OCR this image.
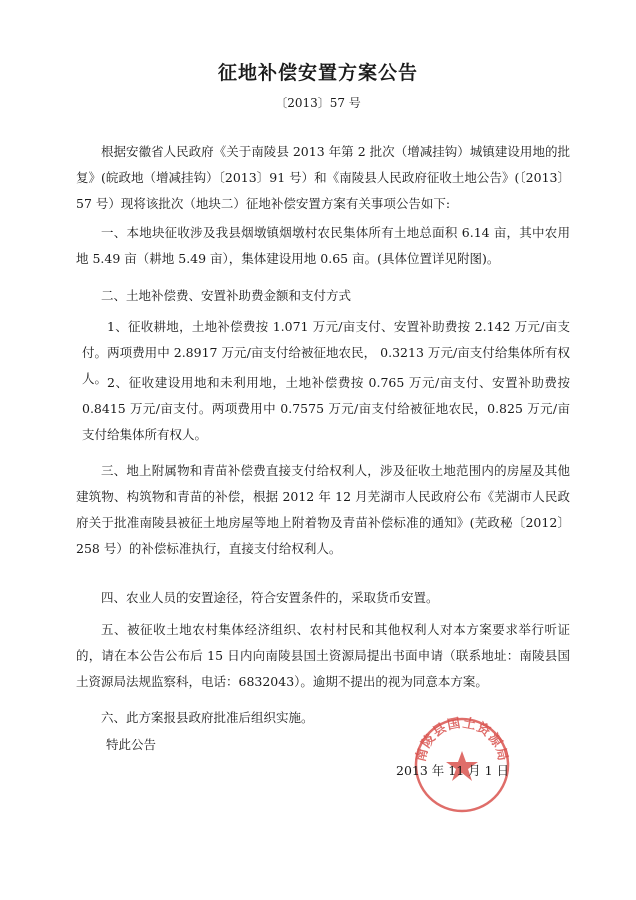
征地补偿安置方案公告
〔2013〕57 号

根据安徽省人民政府《关于南陵县 2013 年第 2 批次（增减挂钩）城镇建设用地的批复》(皖政地（增减挂钩）〔2013〕91 号）和《南陵县人民政府征收土地公告》(〔2013〕57 号）现将该批次（地块二）征地补偿安置方案有关事项公告如下:

一、本地块征收涉及我县烟墩镇烟墩村农民集体所有土地总面积 6.14 亩，其中农用地 5.49 亩（耕地 5.49 亩），集体建设用地 0.65 亩。(具体位置详见附图)。

二、土地补偿费、安置补助费金额和支付方式

1、征收耕地，土地补偿费按 1.071 万元/亩支付、安置补助费按 2.142 万元/亩支付。两项费用中 2.8917 万元/亩支付给被征地农民， 0.3213 万元/亩支付给集体所有权人。 2、征收建设用地和未利用地，土地补偿费按 0.765 万元/亩支付、安置补助费按 0.8415 万元/亩支付。两项费用中 0.7575 万元/亩支付给被征地农民，0.825 万元/亩支付给集体所有权人。

三、地上附属物和青苗补偿费直接支付给权利人，涉及征收土地范围内的房屋及其他建筑物、构筑物和青苗的补偿，根据 2012 年 12 月芜湖市人民政府公布《芜湖市人民政府关于批准南陵县被征土地房屋等地上附着物及青苗补偿标准的通知》(芜政秘〔2012〕258 号）的补偿标准执行，直接支付给权利人。

四、农业人员的安置途径，符合安置条件的，采取货币安置。

五、被征收土地农村集体经济组织、农村村民和其他权利人对本方案要求举行听证的，请在本公告公布后 15 日内向南陵县国土资源局提出书面申请（联系地址：南陵县国土资源局法规监察科，电话：6832043）。逾期不提出的视为同意本方案。

六、此方案报县政府批准后组织实施。

特此公告
南陵县国土资源局
2013 年 11 月 1 日
